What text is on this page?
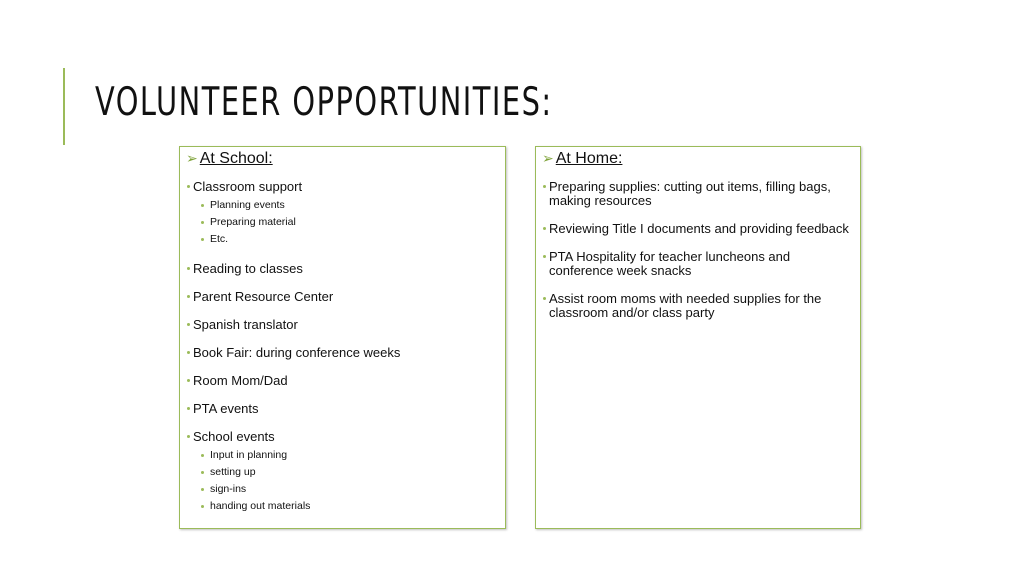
VOLUNTEER OPPORTUNITIES:
➢ At School:
Classroom support
Planning events
Preparing material
Etc.
Reading to classes
Parent Resource Center
Spanish translator
Book Fair: during conference weeks
Room Mom/Dad
PTA events
School events
Input in planning
setting up
sign-ins
handing out materials
➢ At Home:
Preparing supplies: cutting out items, filling bags, making resources
Reviewing Title I documents and providing feedback
PTA Hospitality for teacher luncheons and conference week snacks
Assist room moms with needed supplies for the classroom and/or class party
